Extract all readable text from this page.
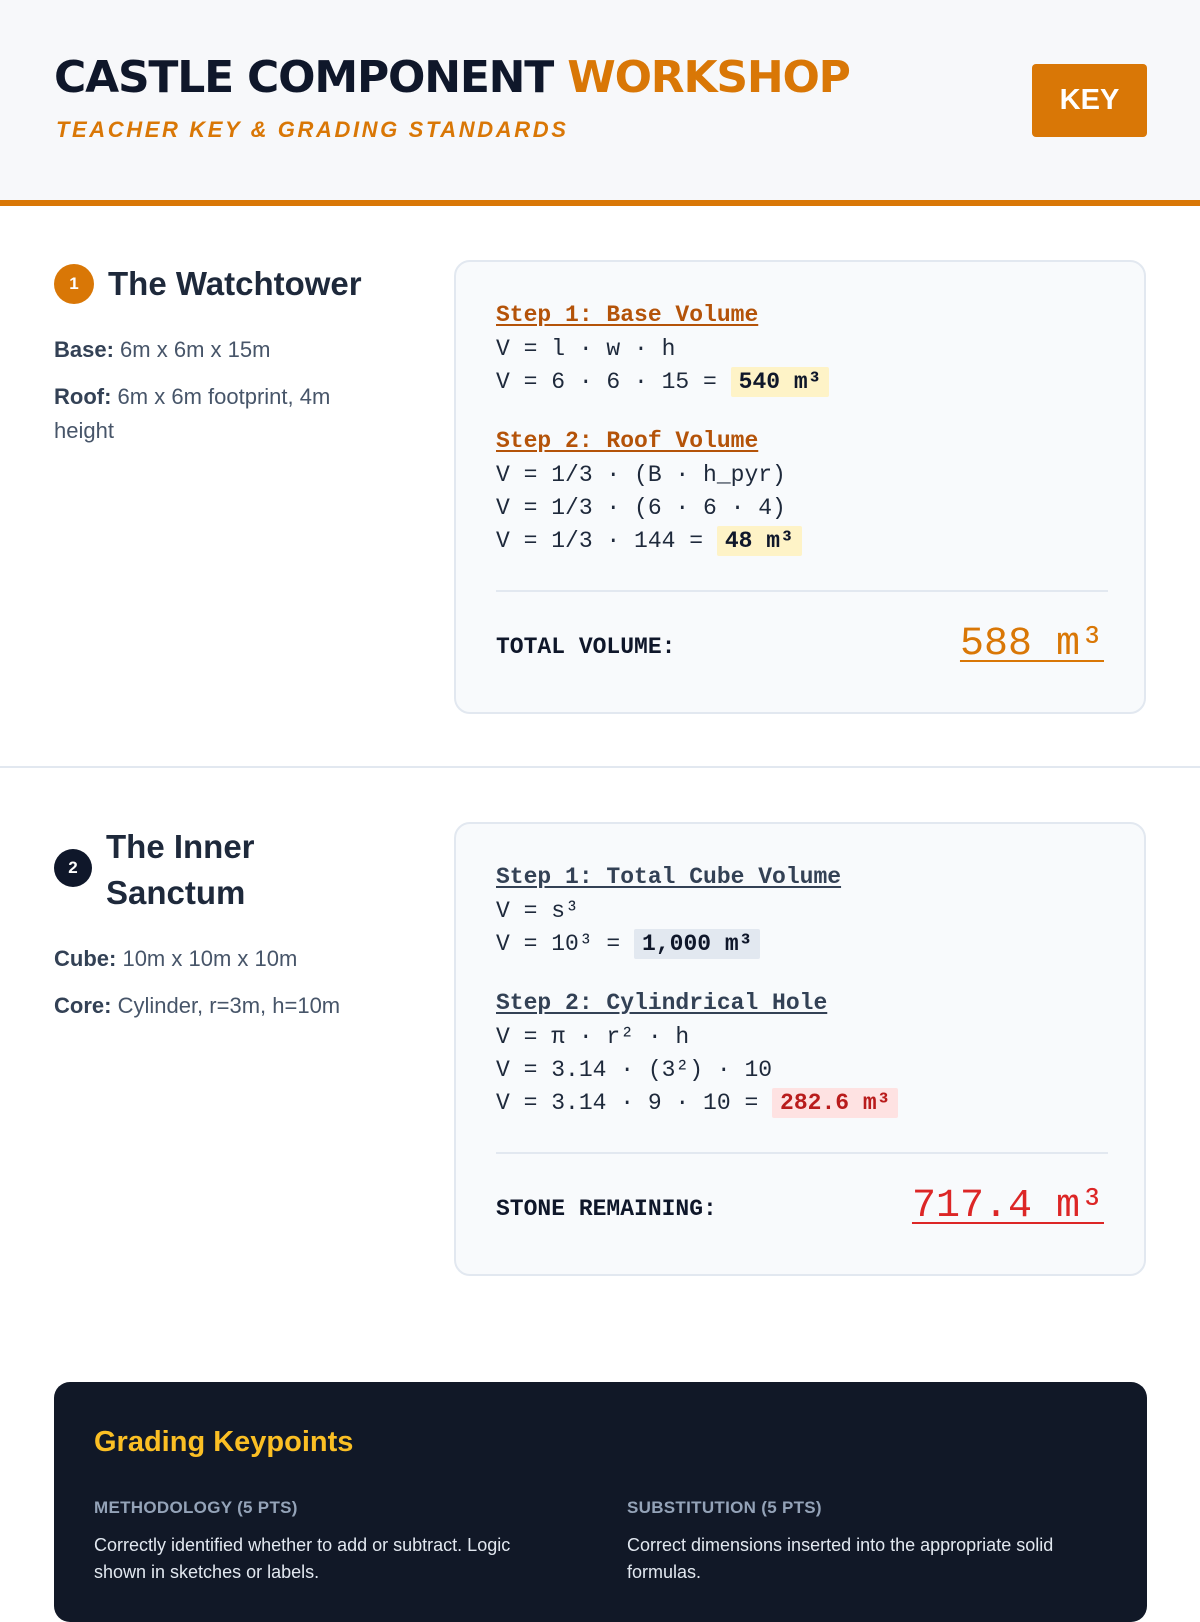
CASTLE COMPONENT WORKSHOP
TEACHER KEY & GRADING STANDARDS
KEY
1 The Watchtower
Base: 6m x 6m x 15m
Roof: 6m x 6m footprint, 4m height
Step 1: Base Volume
V = l · w · h
V = 6 · 6 · 15 = 540 m³
Step 2: Roof Volume
V = 1/3 · (B · h_pyr)
V = 1/3 · (6 · 6 · 4)
V = 1/3 · 144 = 48 m³
TOTAL VOLUME:	588 m³
2
The Inner
Sanctum
Cube: 10m x 10m x 10m
Core: Cylinder, r=3m, h=10m
Step 1: Total Cube Volume
V = s³
V = 10³ = 1,000 m³
Step 2: Cylindrical Hole
V = π · r² · h
V = 3.14 · (3²) · 10
V = 3.14 · 9 · 10 = 282.6 m³
STONE REMAINING:	717.4 m³
Grading Keypoints
METHODOLOGY (5 PTS)
Correctly identified whether to add or subtract. Logic shown in sketches or labels.
SUBSTITUTION (5 PTS)
Correct dimensions inserted into the appropriate solid formulas.
